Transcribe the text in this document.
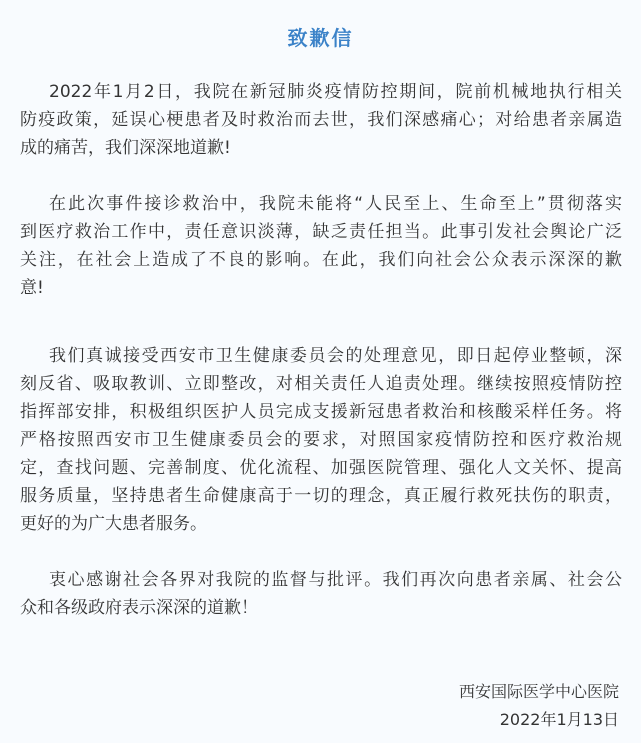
致歉信
2022年1月2日，我院在新冠肺炎疫情防控期间，院前机械地执行相关
防疫政策，延误心梗患者及时救治而去世，我们深感痛心；对给患者亲属造
成的痛苦，我们深深地道歉!
在此次事件接诊救治中，我院未能将“人民至上、生命至上”贯彻落实
到医疗救治工作中，责任意识淡薄，缺乏责任担当。此事引发社会舆论广泛
关注，在社会上造成了不良的影响。在此，我们向社会公众表示深深的歉
意!
我们真诚接受西安市卫生健康委员会的处理意见，即日起停业整顿，深
刻反省、吸取教训、立即整改，对相关责任人追责处理。继续按照疫情防控
指挥部安排，积极组织医护人员完成支援新冠患者救治和核酸采样任务。将
严格按照西安市卫生健康委员会的要求，对照国家疫情防控和医疗救治规
定，查找问题、完善制度、优化流程、加强医院管理、强化人文关怀、提高
服务质量，坚持患者生命健康高于一切的理念，真正履行救死扶伤的职责，
更好的为广大患者服务。
衷心感谢社会各界对我院的监督与批评。我们再次向患者亲属、社会公
众和各级政府表示深深的道歉！
西安国际医学中心医院
2022年1月13日
